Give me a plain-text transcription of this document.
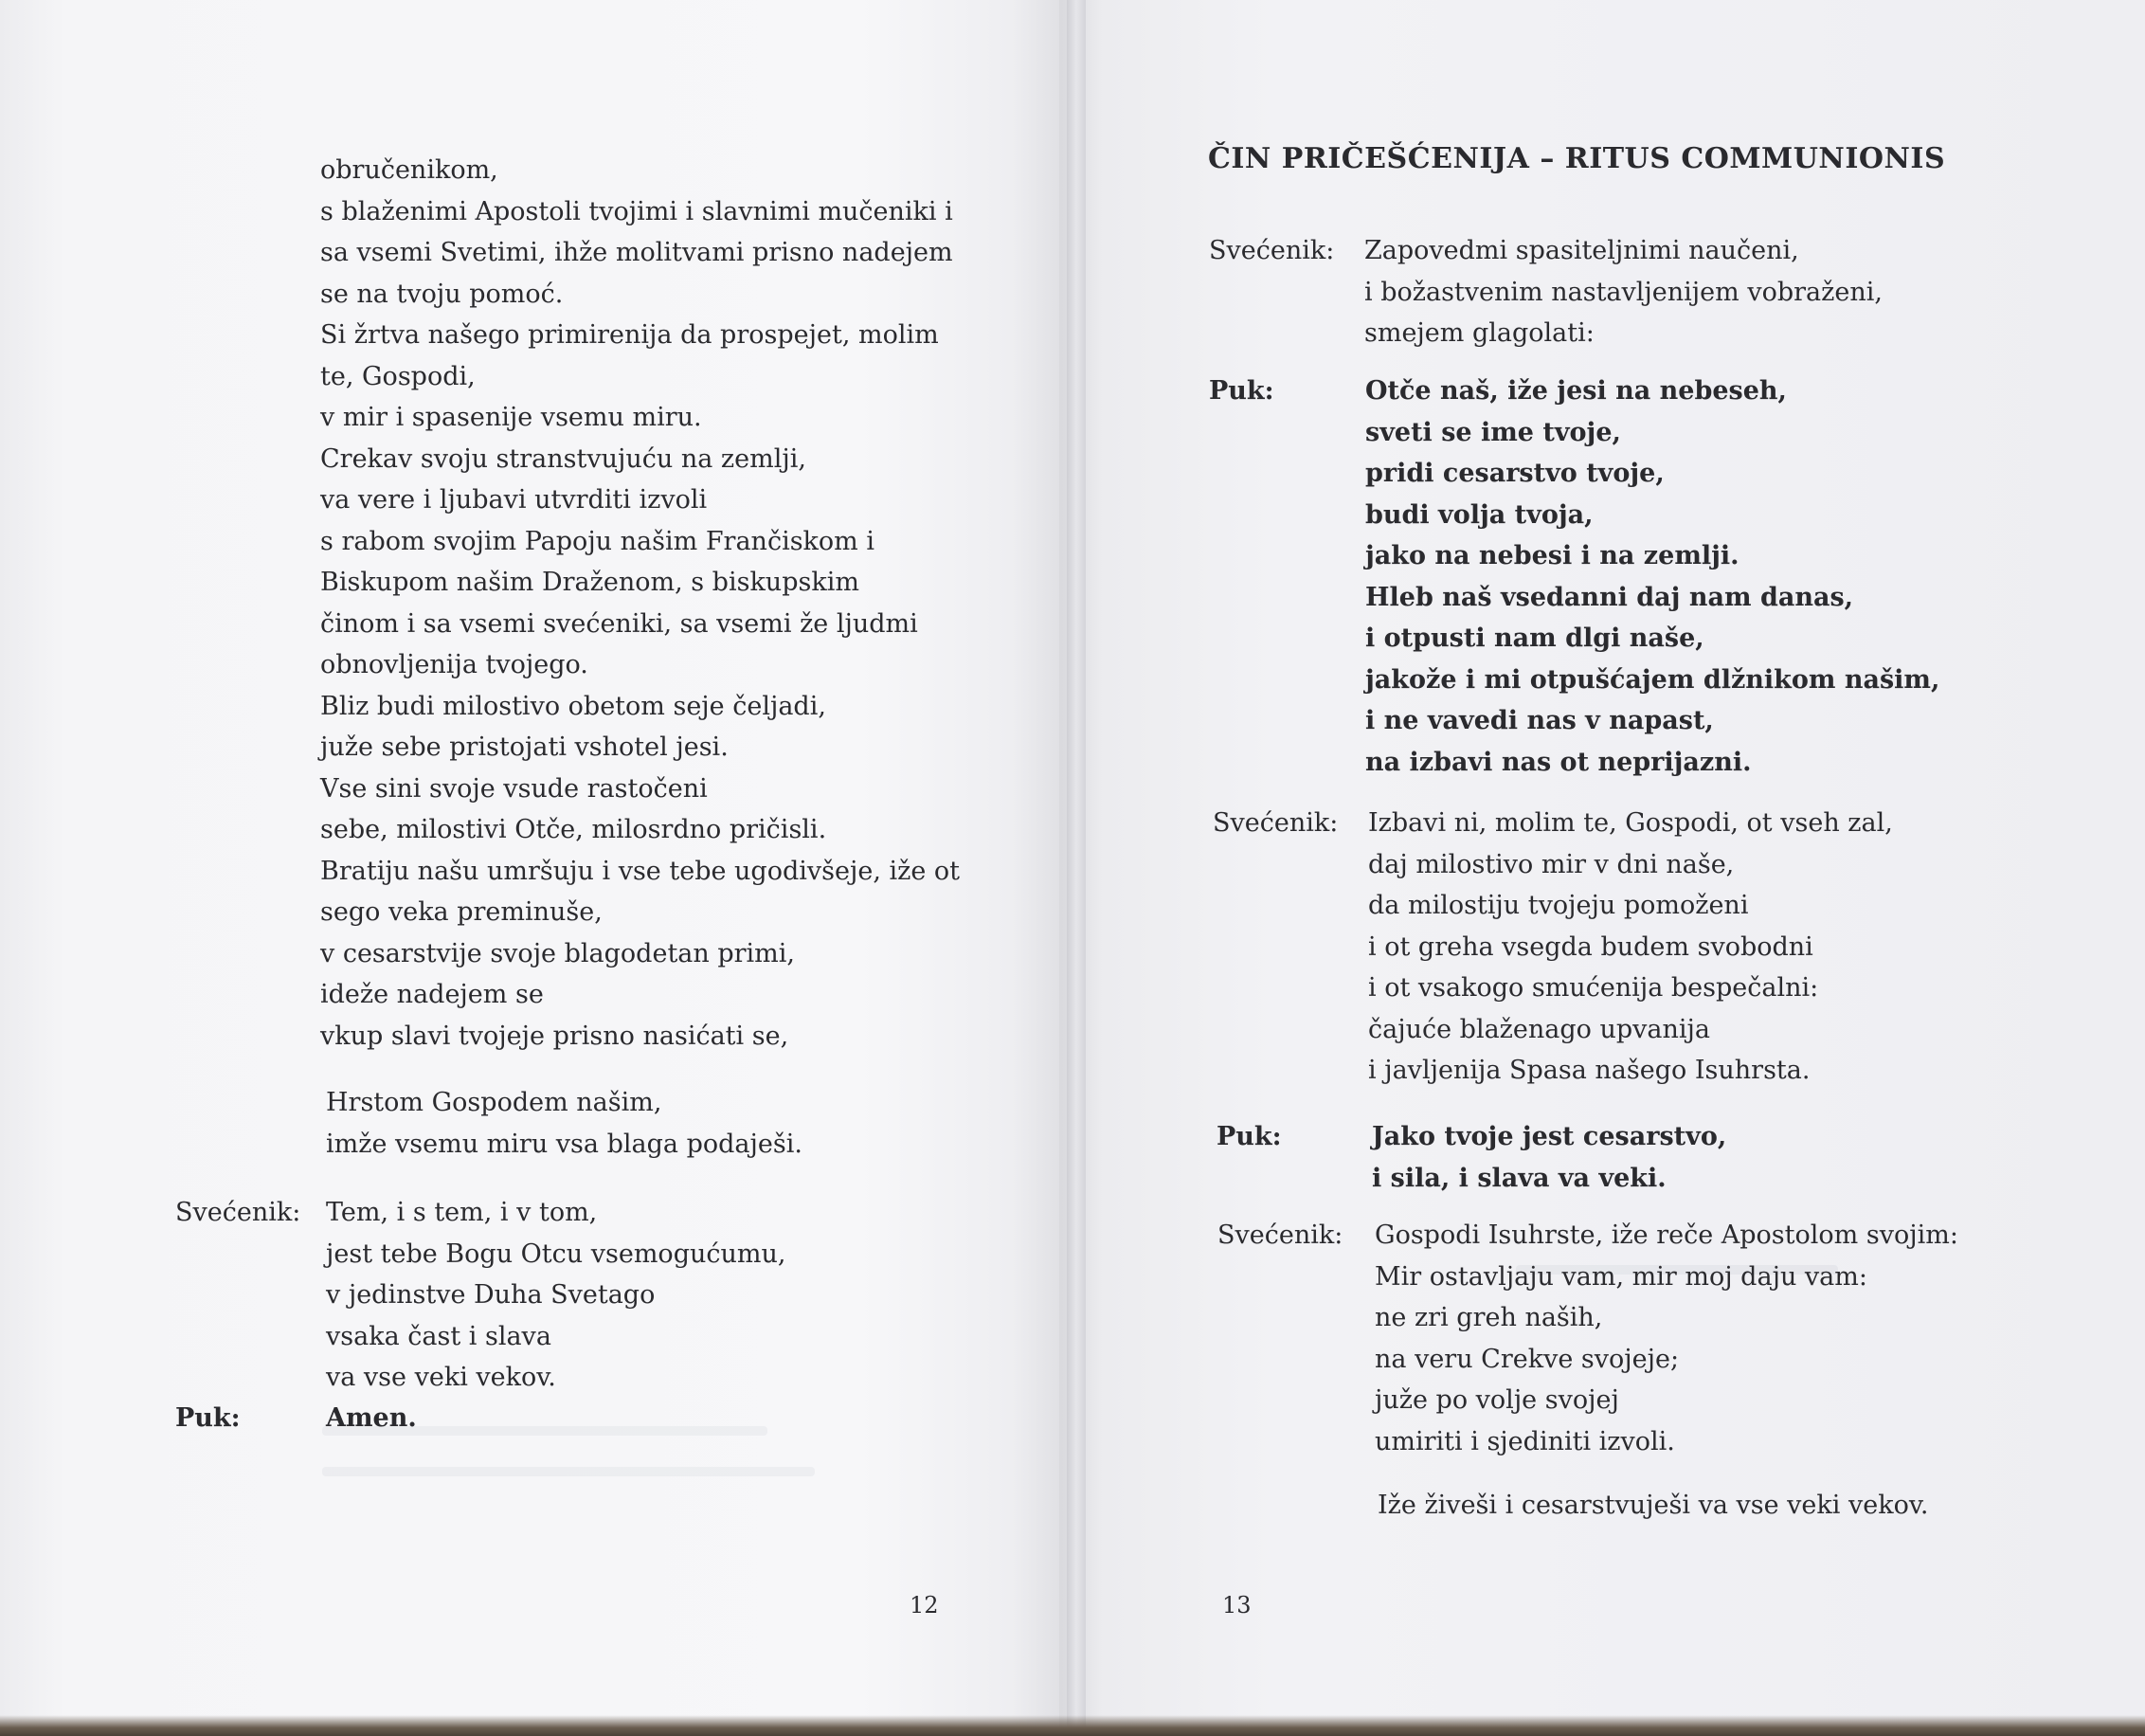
obručenikom,
s blaženimi Apostoli tvojimi i slavnimi mučeniki i
sa vsemi Svetimi, ihže molitvami prisno nadejem
se na tvoju pomoć.
Si žrtva našego primirenija da prospejet, molim
te, Gospodi,
v mir i spasenije vsemu miru.
Crekav svoju stranstvujuću na zemlji,
va vere i ljubavi utvrditi izvoli
s rabom svojim Papoju našim Frančiskom i
Biskupom našim Draženom, s biskupskim
činom i sa vsemi svećeniki, sa vsemi že ljudmi
obnovljenija tvojego.
Bliz budi milostivo obetom seje čeljadi,
juže sebe pristojati vshotel jesi.
Vse sini svoje vsude rastočeni
sebe, milostivi Otče, milosrdno pričisli.
Bratiju našu umršuju i vse tebe ugodivšeje, iže ot
sego veka preminuše,
v cesarstvije svoje blagodetan primi,
ideže nadejem se
vkup slavi tvojeje prisno nasićati se,
Hrstom Gospodem našim,
imže vsemu miru vsa blaga podaješi.
Svećenik: Tem, i s tem, i v tom,
jest tebe Bogu Otcu vsemogućumu,
v jedinstve Duha Svetago
vsaka čast i slava
va vse veki vekov.
Puk:	Amen.
12
ČIN PRIČEŠĆENIJA – RITUS COMMUNIONIS
Svećenik: Zapovedmi spasiteljnimi naučeni,
i božastvenim nastavljenijem vobraženi,
smejem glagolati:
Puk:	Otče naš, iže jesi na nebeseh,
sveti se ime tvoje,
pridi cesarstvo tvoje,
budi volja tvoja,
jako na nebesi i na zemlji.
Hleb naš vsedanni daj nam danas,
i otpusti nam dlgi naše,
jakože i mi otpušćajem dlžnikom našim,
i ne vavedi nas v napast,
na izbavi nas ot neprijazni.
Svećenik: Izbavi ni, molim te, Gospodi, ot vseh zal,
daj milostivo mir v dni naše,
da milostiju tvojeju pomoženi
i ot greha vsegda budem svobodni
i ot vsakogo smućenija bespečalni:
čajuće blaženago upvanija
i javljenija Spasa našego Isuhrsta.
Puk:	Jako tvoje jest cesarstvo,
i sila, i slava va veki.
Svećenik: Gospodi Isuhrste, iže reče Apostolom svojim:
Mir ostavljaju vam, mir moj daju vam:
ne zri greh naših,
na veru Crekve svojeje;
juže po volje svojej
umiriti i sjediniti izvoli.
Iže živeši i cesarstvuješi va vse veki vekov.
13
